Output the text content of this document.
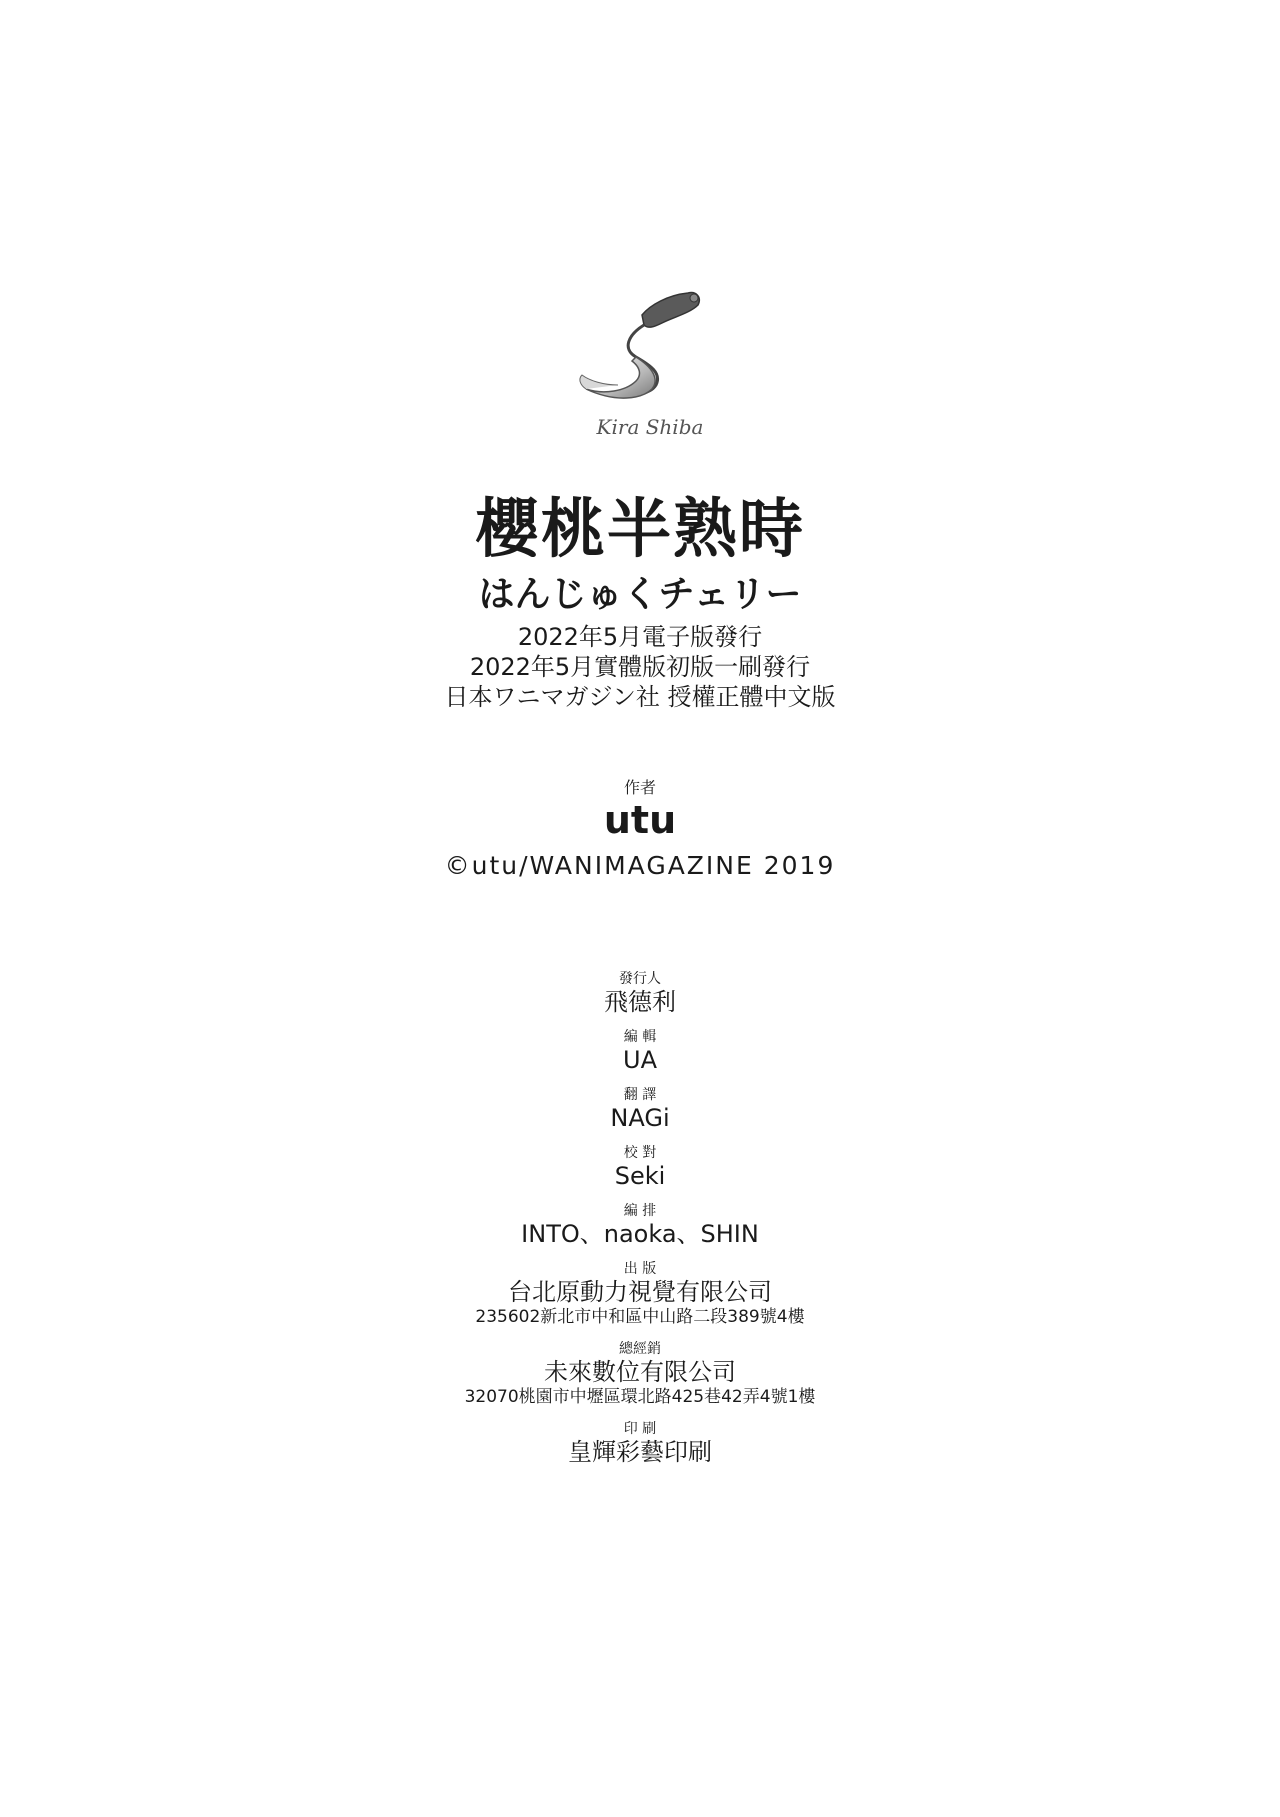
Kira Shiba
櫻桃半熟時
はんじゅくチェリー
2022年5月電子版發行
2022年5月實體版初版一刷發行
日本ワニマガジン社 授權正體中文版
作者
utu
©utu/WANIMAGAZINE 2019
發行人
飛德利
編 輯
UA
翻 譯
NAGi
校 對
Seki
編 排
INTO、naoka、SHIN
出 版
台北原動力視覺有限公司
235602新北市中和區中山路二段389號4樓
總經銷
未來數位有限公司
32070桃園市中壢區環北路425巷42弄4號1樓
印 刷
皇輝彩藝印刷
